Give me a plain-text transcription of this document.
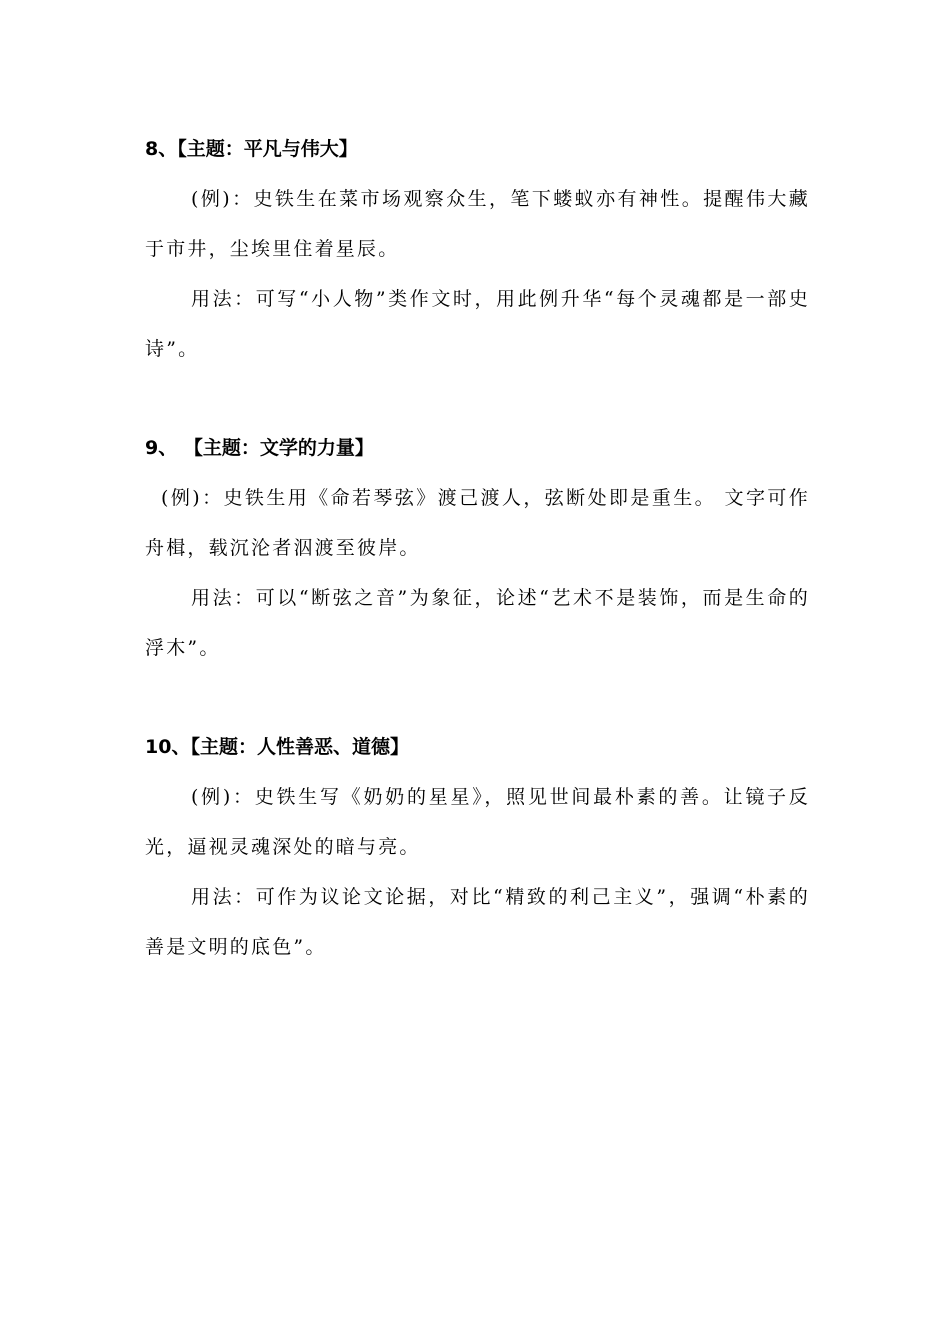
8、【主题：平凡与伟大】

(例)：史铁生在菜市场观察众生，笔下蝼蚁亦有神性。提醒伟大藏于市井，尘埃里住着星辰。

用法：可写“小人物”类作文时，用此例升华“每个灵魂都是一部史诗”。

9、 【主题：文学的力量】

(例)：史铁生用《命若琴弦》渡己渡人，弦断处即是重生。 文字可作舟楫，载沉沦者泅渡至彼岸。

用法：可以“断弦之音”为象征，论述“艺术不是装饰，而是生命的浮木”。

10、【主题：人性善恶、道德】

(例)：史铁生写《奶奶的星星》，照见世间最朴素的善。让镜子反光，逼视灵魂深处的暗与亮。

用法：可作为议论文论据，对比“精致的利己主义”，强调“朴素的善是文明的底色”。
